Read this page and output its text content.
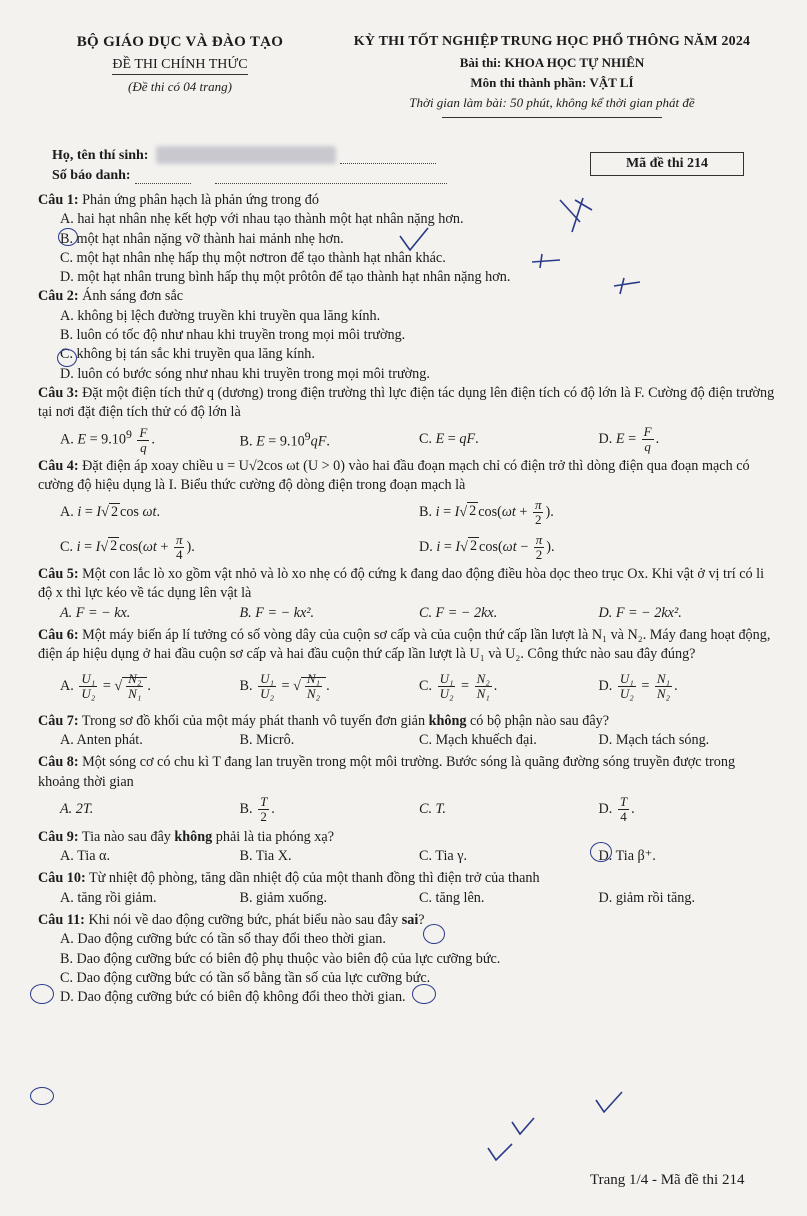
BỘ GIÁO DỤC VÀ ĐÀO TẠO
ĐỀ THI CHÍNH THỨC
(Đề thi có 04 trang)
KỲ THI TỐT NGHIỆP TRUNG HỌC PHỔ THÔNG NĂM 2024
Bài thi: KHOA HỌC TỰ NHIÊN
Môn thi thành phần: VẬT LÍ
Thời gian làm bài: 50 phút, không kể thời gian phát đề
Họ, tên thí sinh:
Số báo danh:
Mã đề thi 214

Câu 1: Phản ứng phân hạch là phản ứng trong đó

A. hai hạt nhân nhẹ kết hợp với nhau tạo thành một hạt nhân nặng hơn.
B. một hạt nhân nặng vỡ thành hai mảnh nhẹ hơn.
C. một hạt nhân nhẹ hấp thụ một nơtron để tạo thành hạt nhân khác.
D. một hạt nhân trung bình hấp thụ một prôtôn để tạo thành hạt nhân nặng hơn.

Câu 2: Ánh sáng đơn sắc

A. không bị lệch đường truyền khi truyền qua lăng kính.
B. luôn có tốc độ như nhau khi truyền trong mọi môi trường.
C. không bị tán sắc khi truyền qua lăng kính.
D. luôn có bước sóng như nhau khi truyền trong mọi môi trường.

Câu 3: Đặt một điện tích thử q (dương) trong điện trường thì lực điện tác dụng lên điện tích có độ lớn là F. Cường độ điện trường tại nơi đặt điện tích thử có độ lớn là

A. $E = 9.10^9 \frac{F}{q}$ .	B. $E = 9.10^9qF$.	C. E = qF.	D. $E = \frac{F}{q}$ .

Câu 4: Đặt điện áp xoay chiều u = U√2cos ωt (U > 0) vào hai đầu đoạn mạch chỉ có điện trở thì dòng điện qua đoạn mạch có cường độ hiệu dụng là I. Biểu thức cường độ dòng điện trong đoạn mạch là

A. i = I√ 2 cos ωt.	B. i = I√ 2 $\cos(\omega t + \frac{\pi}{2}$ ).
C. i = I√ 2 $\cos(\omega t + \frac{\pi}{4}$ ).	D. i = I√ 2 $\cos(\omega t - \frac{\pi}{2}$ ).

Câu 5: Một con lắc lò xo gồm vật nhỏ và lò xo nhẹ có độ cứng k đang dao động điều hòa dọc theo trục Ox. Khi vật ở vị trí có li độ x thì lực kéo về tác dụng lên vật là

A. F = − kx.	B. F = − kx².	C. F = − 2kx.	D. F = − 2kx².

Câu 6: Một máy biến áp lí tưởng có số vòng dây của cuộn sơ cấp và của cuộn thứ cấp lần lượt là N₁ và N₂. Máy đang hoạt động, điện áp hiệu dụng ở hai đầu cuộn sơ cấp và hai đầu cuộn thứ cấp lần lượt là U₁ và U₂. Công thức nào sau đây đúng?

A. $\frac{\text{U₁}}{\text{U₂}}$ = √ $\frac{\text{N₂}}{\text{N₁}}$ .	B. $\frac{\text{U₁}}{\text{U₂}}$ = √ $\frac{\text{N₁}}{\text{N₂}}$ .	C. $\frac{\text{U₁}}{\text{U₂}} = \frac{\text{N₂}}{\text{N₁}}$ .	D. $\frac{\text{U₁}}{\text{U₂}} = \frac{\text{N₁}}{\text{N₂}}$ .

Câu 7: Trong sơ đồ khối của một máy phát thanh vô tuyến đơn giản không có bộ phận nào sau đây?

A. Anten phát.	B. Micrô.	C. Mạch khuếch đại.	D. Mạch tách sóng.

Câu 8: Một sóng cơ có chu kì T đang lan truyền trong một môi trường. Bước sóng là quãng đường sóng truyền được trong khoảng thời gian

A. 2T.	B. $\frac{T}{2}$ .	C. T.	D. $\frac{T}{4}$ .

Câu 9: Tia nào sau đây không phải là tia phóng xạ?

A. Tia α.	B. Tia X.	C. Tia γ.	D. Tia β⁺.

Câu 10: Từ nhiệt độ phòng, tăng dần nhiệt độ của một thanh đồng thì điện trở của thanh

A. tăng rồi giảm.	B. giảm xuống.	C. tăng lên.	D. giảm rồi tăng.

Câu 11: Khi nói về dao động cưỡng bức, phát biểu nào sau đây sai?

A. Dao động cưỡng bức có tần số thay đổi theo thời gian.
B. Dao động cưỡng bức có biên độ phụ thuộc vào biên độ của lực cưỡng bức.
C. Dao động cưỡng bức có tần số bằng tần số của lực cưỡng bức.
D. Dao động cưỡng bức có biên độ không đổi theo thời gian.
Trang 1/4 - Mã đề thi 214
